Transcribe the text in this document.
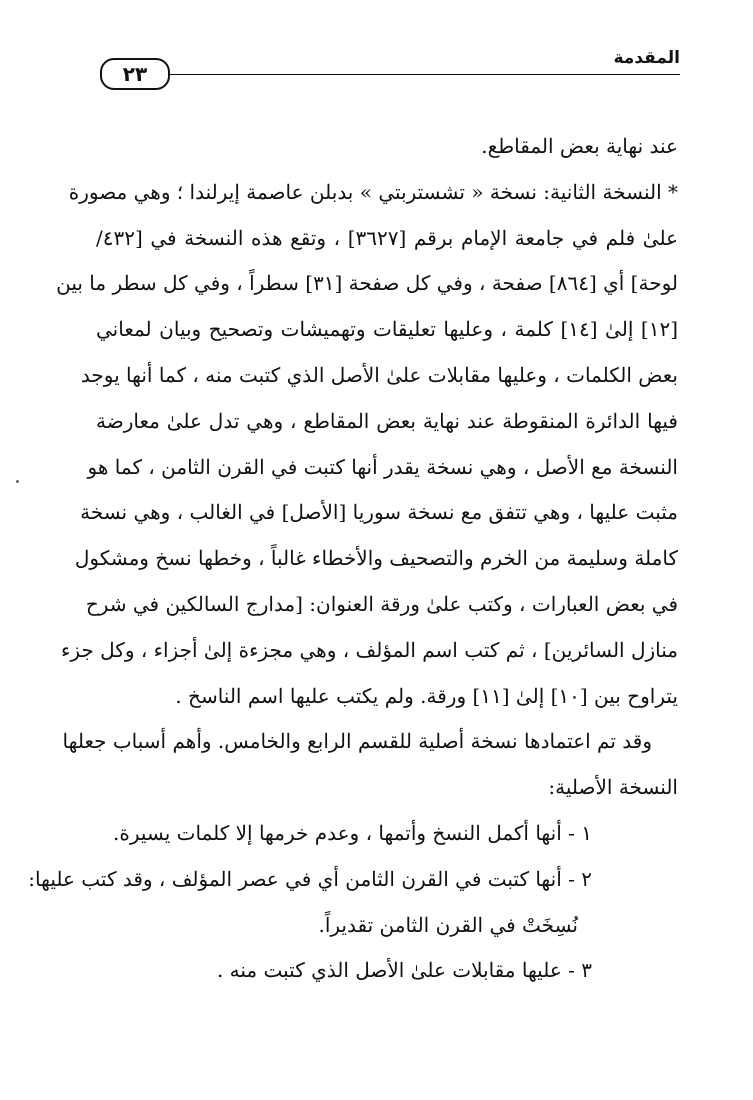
المقدمة
٢٣
عند نهاية بعض المقاطع.
* النسخة الثانية: نسخة « تشستربتي » بدبلن عاصمة إيرلندا ؛ وهي مصورة
علىٰ فلم في جامعة الإمام برقم [٣٦٢٧] ، وتقع هذه النسخة في [٤٣٢/
لوحة] أي [٨٦٤] صفحة ، وفي كل صفحة [٣١] سطراً ، وفي كل سطر ما بين
[١٢] إلىٰ [١٤] كلمة ، وعليها تعليقات وتهميشات وتصحيح وبيان لمعاني
بعض الكلمات ، وعليها مقابلات علىٰ الأصل الذي كتبت منه ، كما أنها يوجد
فيها الدائرة المنقوطة عند نهاية بعض المقاطع ، وهي تدل علىٰ معارضة
النسخة مع الأصل ، وهي نسخة يقدر أنها كتبت في القرن الثامن ، كما هو
مثبت عليها ، وهي تتفق مع نسخة سوريا [الأصل] في الغالب ، وهي نسخة
كاملة وسليمة من الخرم والتصحيف والأخطاء غالباً ، وخطها نسخ ومشكول
في بعض العبارات ، وكتب علىٰ ورقة العنوان: [مدارج السالكين في شرح
منازل السائرين] ، ثم كتب اسم المؤلف ، وهي مجزءة إلىٰ أجزاء ، وكل جزء
يتراوح بين [١٠] إلىٰ [١١] ورقة. ولم يكتب عليها اسم الناسخ .
وقد تم اعتمادها نسخة أصلية للقسم الرابع والخامس. وأهم أسباب جعلها
النسخة الأصلية:
١ - أنها أكمل النسخ وأتمها ، وعدم خرمها إلا كلمات يسيرة.
٢ - أنها كتبت في القرن الثامن أي في عصر المؤلف ، وقد كتب عليها:
نُسِخَتْ في القرن الثامن تقديراً.
٣ - عليها مقابلات علىٰ الأصل الذي كتبت منه .
